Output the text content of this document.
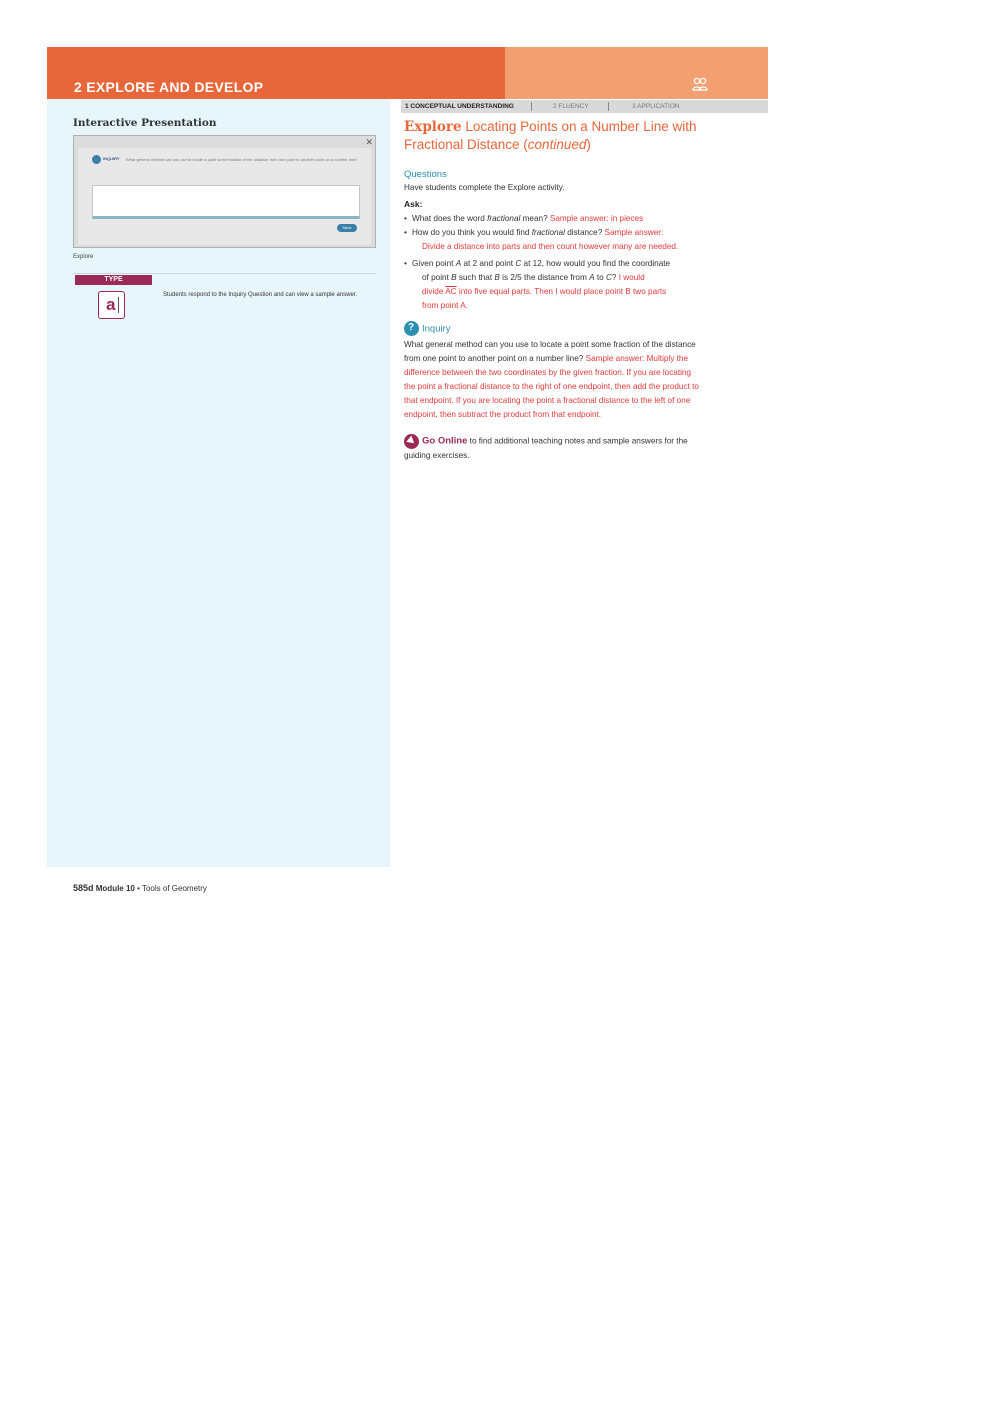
2 EXPLORE AND DEVELOP
Interactive Presentation
✕
What general method can you use to locate a point some fraction of the distance from one point to another point on a number line?
INQUIRY
Save
Explore
TYPE
a	Students respond to the Inquiry Question and can view a sample answer.
1 CONCEPTUAL UNDERSTANDING	2 FLUENCY	3 APPLICATION
Explore Locating Points on a Number Line with Fractional Distance (continued)
Questions
Have students complete the Explore activity.
Ask:
• What does the word fractional mean? Sample answer: in pieces
• How do you think you would find fractional distance? Sample answer:
Divide a distance into parts and then count however many are needed.
• Given point A at 2 and point C at 12, how would you find the coordinate
of point B such that B is 2/5 the distance from A to C? I would
divide $\overline{AC}$ into five equal parts. Then I would place point B two parts
from point A.
?Inquiry
What general method can you use to locate a point some fraction of the distance from one point to another point on a number line? Sample answer: Multiply the difference between the two coordinates by the given fraction. If you are locating the point a fractional distance to the right of one endpoint, then add the product to that endpoint. If you are locating the point a fractional distance to the left of one endpoint, then subtract the product from that endpoint.
Go Online to find additional teaching notes and sample answers for the guiding exercises.
585d Module 10 • Tools of Geometry
